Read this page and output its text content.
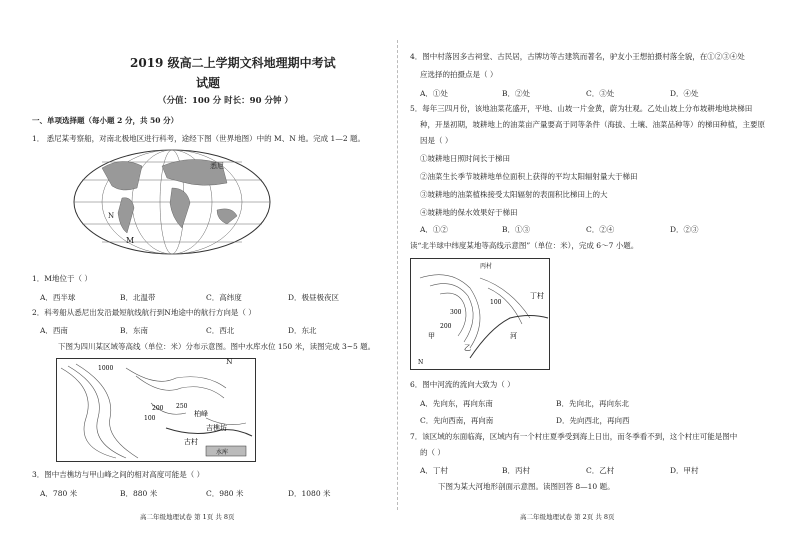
2019 级高二上学期文科地理期中考试
试题
（分值：100 分 时长：90 分钟 ）
一、单项选择题（每小题 2 分，共 50 分）
1． 悉尼某考察船，对南北极地区进行科考，途经下图（世界地图）中的 M、N 地。完成 1—2 题。
悉尼
N
M
1．M地位于（ ）
A．西半球	B．北温带	C．高纬度	D．极昼极夜区
2．科考船从悉尼出发沿最短航线航行到N地途中的航行方向是（ ）
A．西南	B．东南	C．西北	D．东北
下图为四川某区域等高线（单位：米）分布示意图。图中水库水位 150 米，读图完成 3~5 题。
1000
200 250
100
柏峰
吉樵坊
古村
水库
N
3．图中吉樵坊与甲山峰之间的相对高度可能是（ ）
A．780 米	B．880 米	C．980 米	D．1080 米
高二年级地理试卷 第 1页 共 8页
4．图中村落因多古祠堂、古民居，古牌坊等古建筑而著名，驴友小王想拍摄村落全貌，在①②③④处
应选择的拍摄点是（ ）
A．①处	B．②处	C．③处	D．④处
5．每年三四月份，该地油菜花盛开，平地、山坡一片金黄，蔚为壮观。乙处山坡上分布坡耕地地块梯田
种，开垦初期，坡耕地上的油菜亩产量要高于同等条件（海拔、土壤、油菜品种等）的梯田种植，主要原
因是（ ）
①坡耕地日照时间长于梯田
②油菜生长季节坡耕地单位面积上获得的平均太阳辐射量大于梯田
③坡耕地的油菜植株接受太阳辐射的表面积比梯田上的大
④坡耕地的保水效果好于梯田
A．①②	B．①③	C．②④	D．②③
读“北半球中纬度某地等高线示意图”（单位：米），完成 6～7 小题。
300
200
100
丙村
丁村
甲
乙
河
N
6．图中河流的流向大致为（ ）
A．先向东，再向东南	B．先向北，再向东北
C．先向西南，再向南	D．先向西北，再向西
7．该区域的东面临海，区域内有一个村庄夏季受到海上日出，而冬季看不到，这个村庄可能是图中
的（ ）
A．丁村	B．丙村	C．乙村	D．甲村
下图为某大河地形剖面示意图。读图回答 8—10 题。
高二年级地理试卷 第 2页 共 8页
